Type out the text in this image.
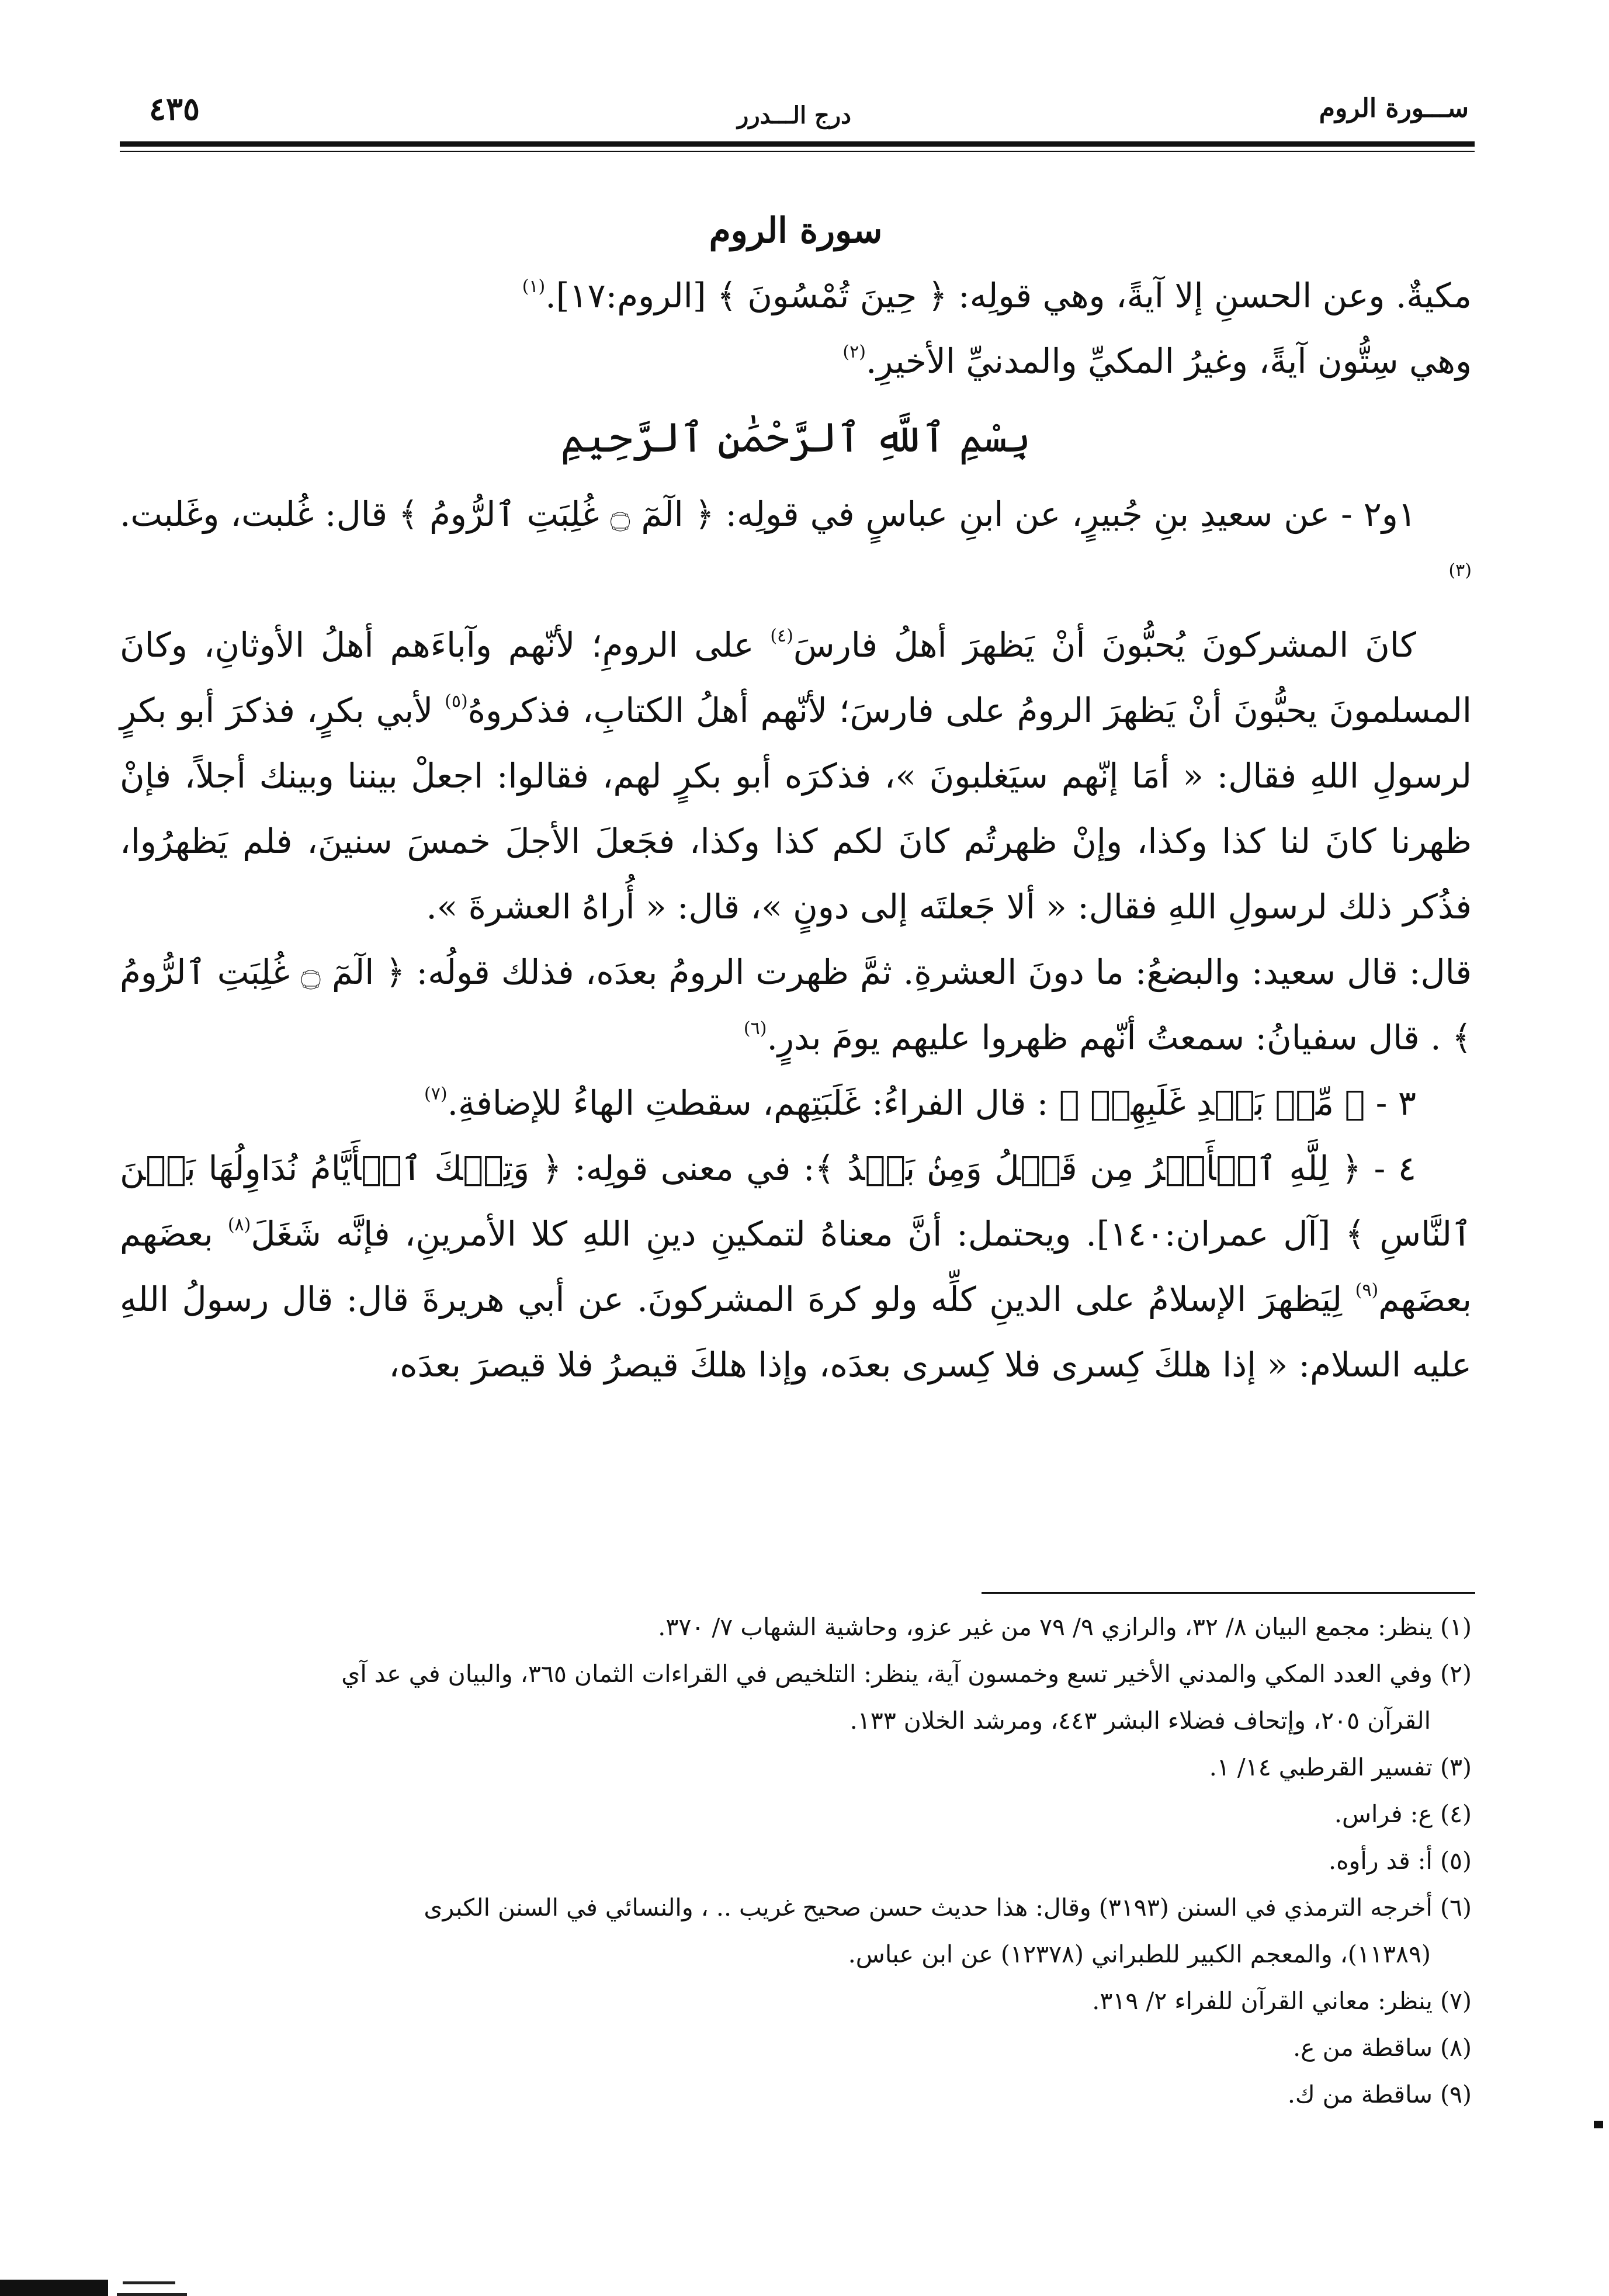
ســـورة الروم
درج الـــدرر
٤٣٥
سورة الروم

مكيةٌ. وعن الحسنِ إلا آيةً، وهي قولِه: ﴿ حِينَ تُمْسُونَ ﴾ [الروم:١٧].$^{(١)}$

وهي سِتُّون آيةً، وغيرُ المكيِّ والمدنيِّ الأخيرِ.$^{(٢)}$

بِسْمِ ٱللَّهِ ٱلرَّحْمَٰنِ ٱلرَّحِيمِ

١و٢ - عن سعيدِ بنِ جُبيرٍ، عن ابنِ عباسٍ في قولِه: ﴿ الٓمٓ ۝ غُلِبَتِ ٱلرُّومُ ﴾ قال: غُلبت، وغَلبت.$^{(٣)}$

كانَ المشركونَ يُحبُّونَ أنْ يَظهرَ أهلُ فارسَ$^{(٤)}$ على الرومِ؛ لأنّهم وآباءَهم أهلُ الأوثانِ، وكانَ المسلمونَ يحبُّونَ أنْ يَظهرَ الرومُ على فارسَ؛ لأنّهم أهلُ الكتابِ، فذكروهُ$^{(٥)}$ لأبي بكرٍ، فذكرَ أبو بكرٍ لرسولِ اللهِ فقال: « أمَا إنّهم سيَغلبونَ »، فذكرَه أبو بكرٍ لهم، فقالوا: اجعلْ بيننا وبينك أجلاً، فإنْ ظهرنا كانَ لنا كذا وكذا، وإنْ ظهرتُم كانَ لكم كذا وكذا، فجَعلَ الأجلَ خمسَ سنينَ، فلم يَظهرُوا، فذُكر ذلك لرسولِ اللهِ فقال: « ألا جَعلتَه إلى دونٍ »، قال: « أُراهُ العشرةَ ».

قال: قال سعيد: والبضعُ: ما دونَ العشرةِ. ثمَّ ظهرت الرومُ بعدَه، فذلك قولُه: ﴿ الٓمٓ ۝ غُلِبَتِ ٱلرُّومُ ﴾ . قال سفيانُ: سمعتُ أنّهم ظهروا عليهم يومَ بدرٍ.$^{(٦)}$

٣ - ﴿ مِّنۢ بَعۡدِ غَلَبِهِمۡ ﴾ : قال الفراءُ: غَلَبَتِهم، سقطتِ الهاءُ للإضافةِ.$^{(٧)}$

٤ - ﴿ لِلَّهِ ٱلۡأَمۡرُ مِن قَبۡلُ وَمِنۢ بَعۡدُ ﴾: في معنى قولِه: ﴿ وَتِلۡكَ ٱلۡأَيَّامُ نُدَاوِلُهَا بَيۡنَ ٱلنَّاسِ ﴾ [آل عمران:١٤٠]. ويحتمل: أنَّ معناهُ لتمكينِ دينِ اللهِ كلا الأمرينِ، فإنَّه شَغَلَ$^{(٨)}$ بعضَهم بعضَهم$^{(٩)}$ لِيَظهرَ الإسلامُ على الدينِ كلِّه ولو كرهَ المشركونَ. عن أبي هريرةَ قال: قال رسولُ اللهِ عليه السلام: « إذا هلكَ كِسرى فلا كِسرى بعدَه، وإذا هلكَ قيصرُ فلا قيصرَ بعدَه،

(١) ينظر: مجمع البيان ٨/ ٣٢، والرازي ٩/ ٧٩ من غير عزو، وحاشية الشهاب ٧/ ٣٧٠.

(٢) وفي العدد المكي والمدني الأخير تسع وخمسون آية، ينظر: التلخيص في القراءات الثمان ٣٦٥، والبيان في عد آي

القرآن ٢٠٥، وإتحاف فضلاء البشر ٤٤٣، ومرشد الخلان ١٣٣.

(٣) تفسير القرطبي ١٤/ ١.

(٤) ع: فراس.

(٥) أ: قد رأوه.

(٦) أخرجه الترمذي في السنن (٣١٩٣) وقال: هذا حديث حسن صحيح غريب .. ، والنسائي في السنن الكبرى

(١١٣٨٩)، والمعجم الكبير للطبراني (١٢٣٧٨) عن ابن عباس.

(٧) ينظر: معاني القرآن للفراء ٢/ ٣١٩.

(٨) ساقطة من ع.

(٩) ساقطة من ك.
